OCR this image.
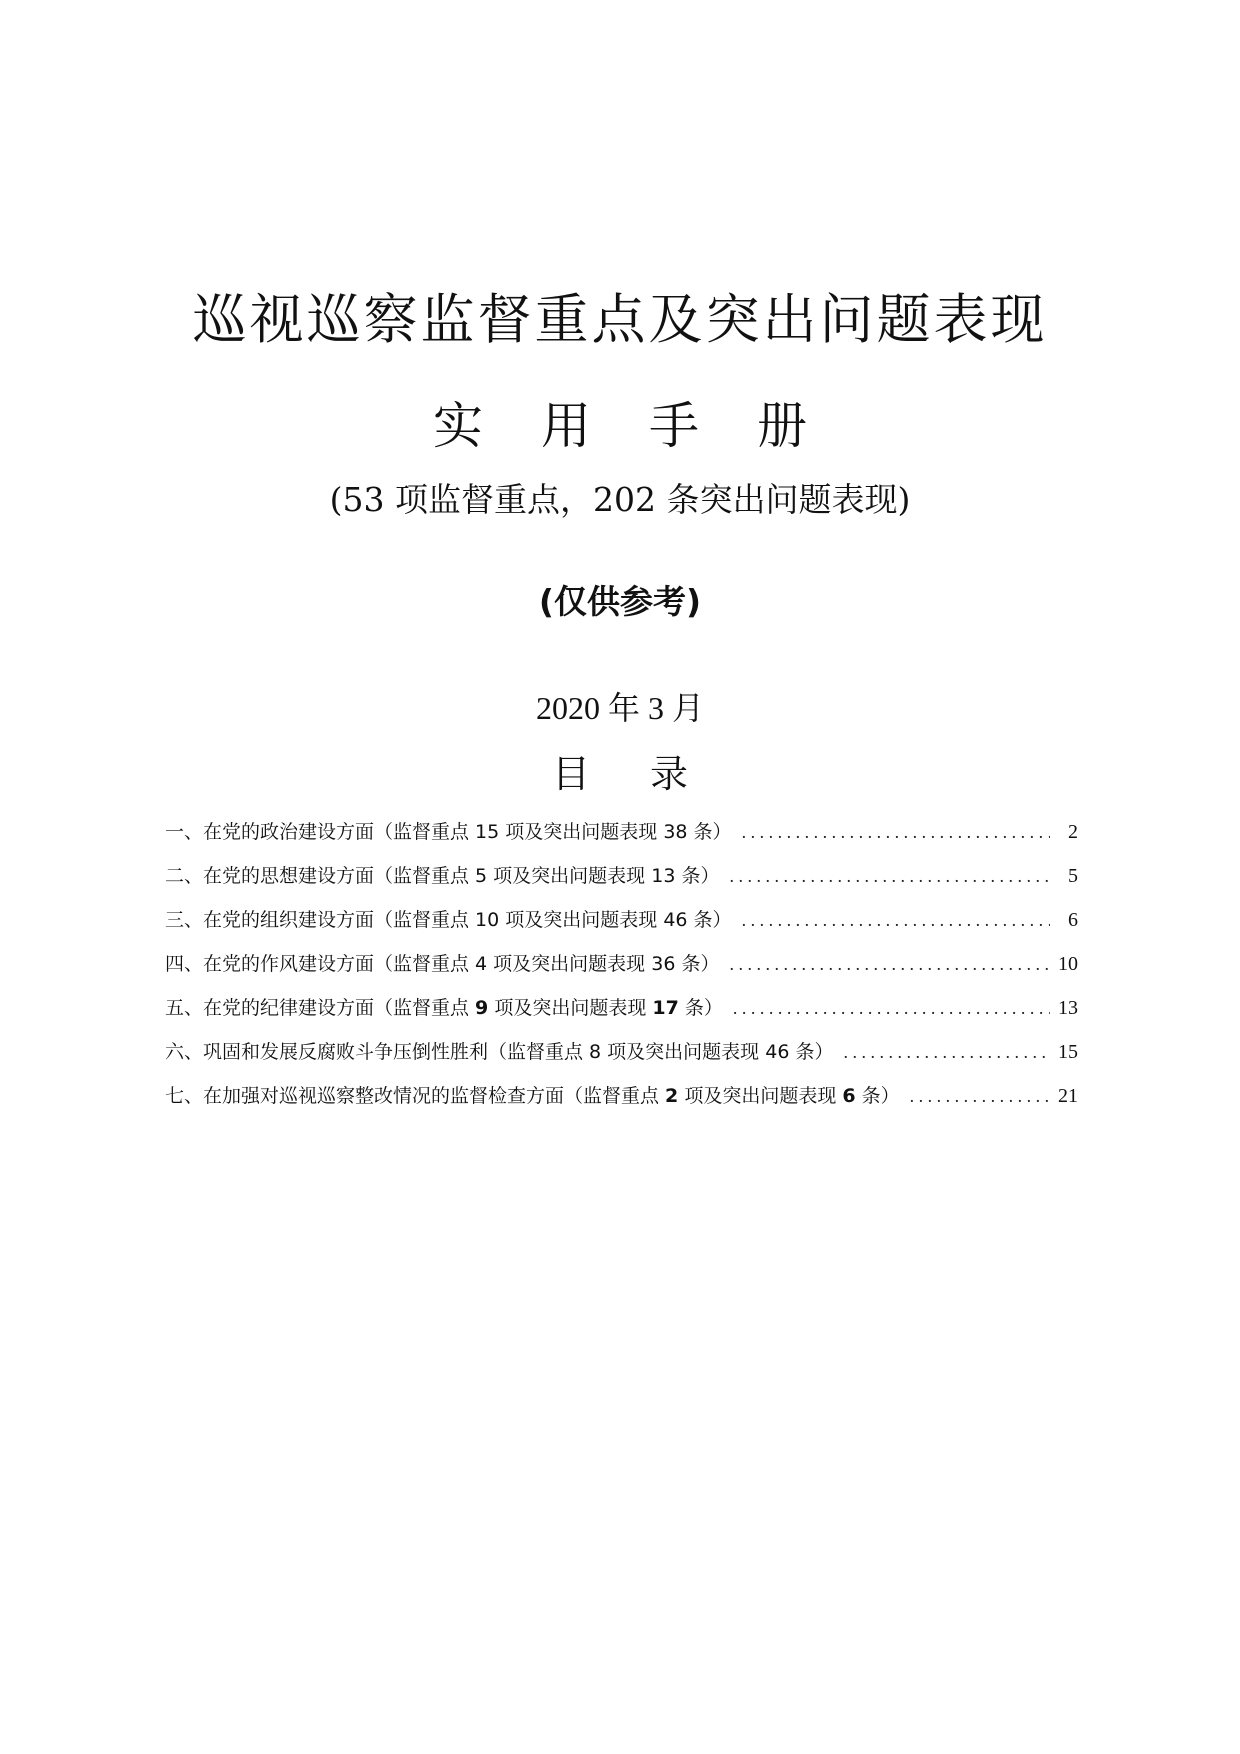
巡视巡察监督重点及突出问题表现
实用手册
(53 项监督重点，202 条突出问题表现)
(仅供参考)
2020 年 3 月
目录
一、在党的政治建设方面（监督重点 15 项及突出问题表现 38 条） . . .	2
二、在党的思想建设方面（监督重点 5 项及突出问题表现 13 条） . . .	5
三、在党的组织建设方面（监督重点 10 项及突出问题表现 46 条） . . .	6
四、在党的作风建设方面（监督重点 4 项及突出问题表现 36 条） . . .	10
五、在党的纪律建设方面（监督重点 9 项及突出问题表现 17 条） . . .	13
六、巩固和发展反腐败斗争压倒性胜利（监督重点 8 项及突出问题表现 46 条） . . .	15
七、在加强对巡视巡察整改情况的监督检查方面（监督重点 2 项及突出问题表现 6 条） . . .	21
